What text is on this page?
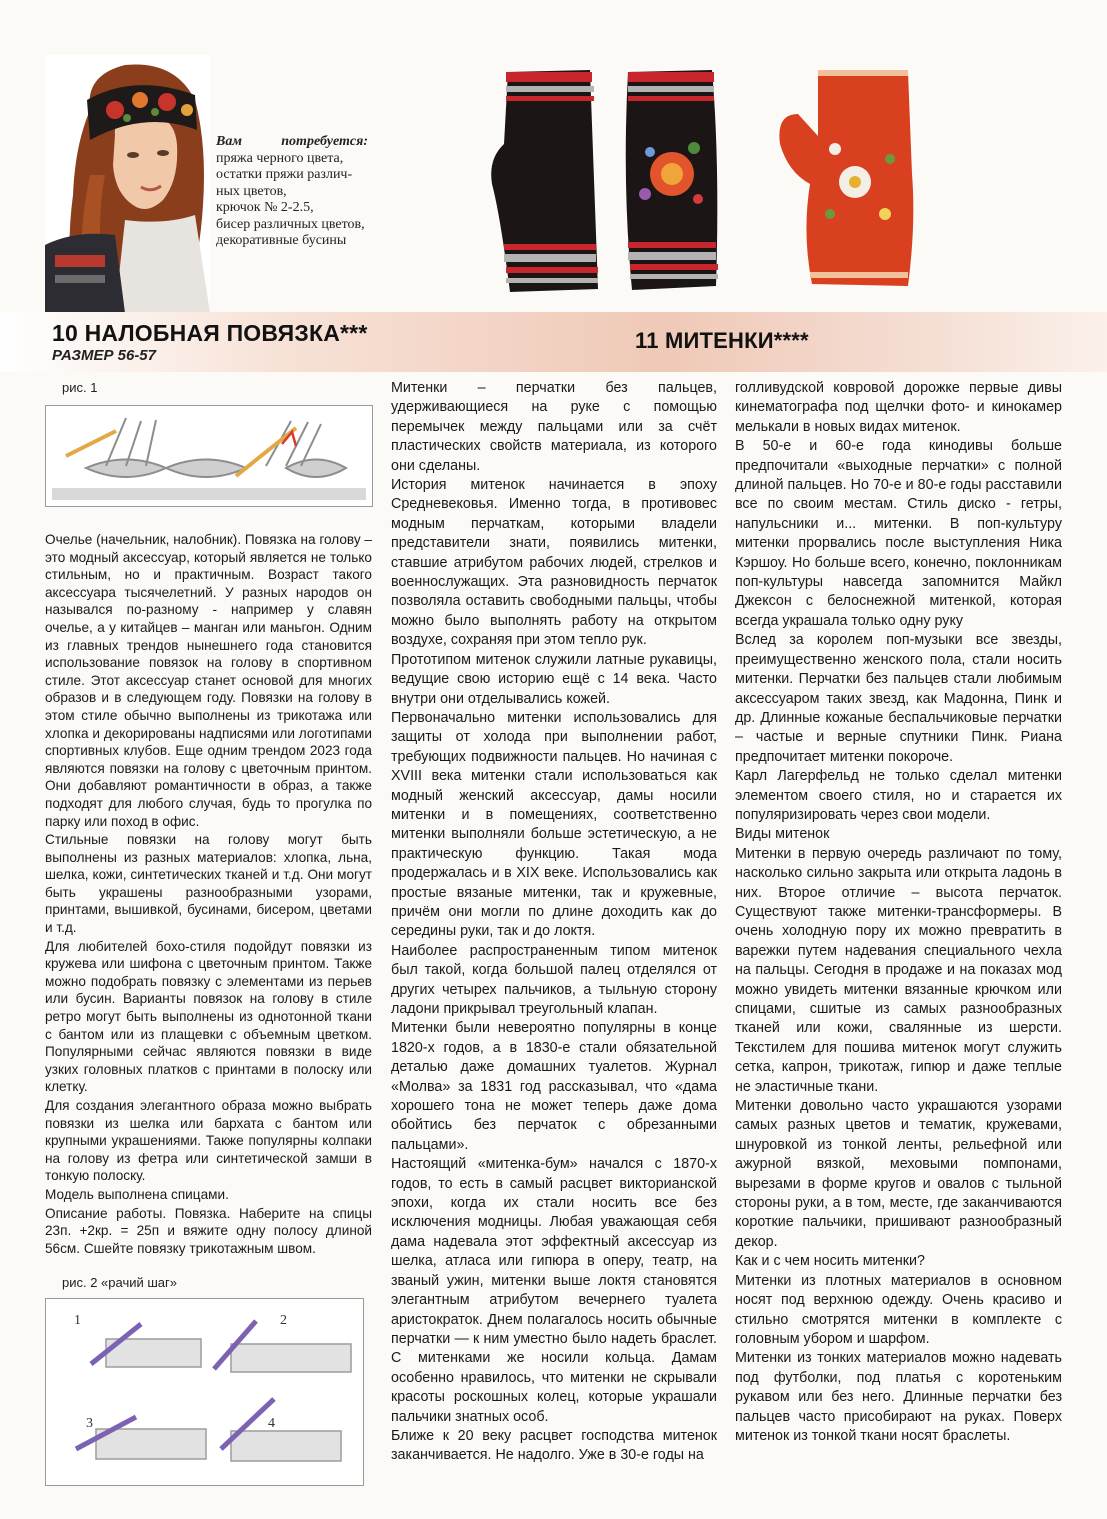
Вам потребуется: пряжа черного цвета,
остатки пряжи различ-
ных цветов,
крючок № 2-2.5,
бисер различных цветов,
декоративные бусины
10 НАЛОБНАЯ ПОВЯЗКА***
РАЗМЕР 56-57
11 МИТЕНКИ****
рис. 1

Очелье (начельник, налобник). Повязка на голову – это модный аксессуар, который является не только стильным, но и практичным. Возраст такого аксессуара тысячелетний. У разных народов он назывался по-разному - например у славян очелье, а у китайцев – манган или маньгон. Одним из главных трендов нынешнего года становится использование повязок на голову в спортивном стиле. Этот аксессуар станет основой для многих образов и в следующем году. Повязки на голову в этом стиле обычно выполнены из трикотажа или хлопка и декорированы надписями или логотипами спортивных клубов. Еще одним трендом 2023 года являются повязки на голову с цветочным принтом. Они добавляют романтичности в образ, а также подходят для любого случая, будь то прогулка по парку или поход в офис.

Стильные повязки на голову могут быть выполнены из разных материалов: хлопка, льна, шелка, кожи, синтетических тканей и т.д. Они могут быть украшены разнообразными узорами, принтами, вышивкой, бусинами, бисером, цветами и т.д.

Для любителей бохо-стиля подойдут повязки из кружева или шифона с цветочным принтом. Также можно подобрать повязку с элементами из перьев или бусин. Варианты повязок на голову в стиле ретро могут быть выполнены из однотонной ткани с бантом или из плащевки с объемным цветком. Популярными сейчас являются повязки в виде узких головных платков с принтами в полоску или клетку.

Для создания элегантного образа можно выбрать повязки из шелка или бархата с бантом или крупными украшениями. Также популярны колпаки на голову из фетра или синтетической замши в тонкую полоску.

Модель выполнена спицами.

Описание работы. Повязка. Наберите на спицы 23п. +2кр. = 25п и вяжите одну полосу длиной 56см. Сшейте повязку трикотажным швом.

рис. 2 «рачий шаг»
1	2
3	4

Митенки – перчатки без пальцев, удерживающиеся на руке с помощью перемычек между пальцами или за счёт пластических свойств материала, из которого они сделаны.

История митенок начинается в эпоху Средневековья. Именно тогда, в противовес модным перчаткам, которыми владели представители знати, появились митенки, ставшие атрибутом рабочих людей, стрелков и военнослужащих. Эта разновидность перчаток позволяла оставить свободными пальцы, чтобы можно было выполнять работу на открытом воздухе, сохраняя при этом тепло рук.

Прототипом митенок служили латные рукавицы, ведущие свою историю ещё с 14 века. Часто внутри они отделывались кожей.

Первоначально митенки использовались для защиты от холода при выполнении работ, требующих подвижности пальцев. Но начиная с XVIII века митенки стали использоваться как модный женский аксессуар, дамы носили митенки и в помещениях, соответственно митенки выполняли больше эстетическую, а не практическую функцию. Такая мода продержалась и в XIX веке. Использовались как простые вязаные митенки, так и кружевные, причём они могли по длине доходить как до середины руки, так и до локтя.

Наиболее распространенным типом митенок был такой, когда большой палец отделялся от других четырех пальчиков, а тыльную сторону ладони прикрывал треугольный клапан.

Митенки были невероятно популярны в конце 1820-х годов, а в 1830-е стали обязательной деталью даже домашних туалетов. Журнал «Молва» за 1831 год рассказывал, что «дама хорошего тона не может теперь даже дома обойтись без перчаток с обрезанными пальцами».

Настоящий «митенка-бум» начался с 1870-х годов, то есть в самый расцвет викторианской эпохи, когда их стали носить все без исключения модницы. Любая уважающая себя дама надевала этот эффектный аксессуар из шелка, атласа или гипюра в оперу, театр, на званый ужин, митенки выше локтя становятся элегантным атрибутом вечернего туалета аристократок. Днем полагалось носить обычные перчатки — к ним уместно было надеть браслет. С митенками же носили кольца. Дамам особенно нравилось, что митенки не скрывали красоты роскошных колец, которые украшали пальчики знатных особ.

Ближе к 20 веку расцвет господства митенок заканчивается. Не надолго. Уже в 30-е годы на

голливудской ковровой дорожке первые дивы кинематографа под щелчки фото- и кинокамер мелькали в новых видах митенок.

В 50-е и 60-е года кинодивы больше предпочитали «выходные перчатки» с полной длиной пальцев. Но 70-е и 80-е годы расставили все по своим местам. Стиль диско - гетры, напульсники и... митенки. В поп-культуру митенки прорвались после выступления Ника Кэршоу. Но больше всего, конечно, поклонникам поп-культуры навсегда запомнится Майкл Джексон с белоснежной митенкой, которая всегда украшала только одну руку

Вслед за королем поп-музыки все звезды, преимущественно женского пола, стали носить митенки. Перчатки без пальцев стали любимым аксессуаром таких звезд, как Мадонна, Пинк и др. Длинные кожаные беспальчиковые перчатки – частые и верные спутники Пинк. Риана предпочитает митенки покороче.

Карл Лагерфельд не только сделал митенки элементом своего стиля, но и старается их популяризировать через свои модели.

Виды митенок

Митенки в первую очередь различают по тому, насколько сильно закрыта или открыта ладонь в них. Второе отличие – высота перчаток. Существуют также митенки-трансформеры. В очень холодную пору их можно превратить в варежки путем надевания специального чехла на пальцы. Сегодня в продаже и на показах мод можно увидеть митенки вязанные крючком или спицами, сшитые из самых разнообразных тканей или кожи, свалянные из шерсти. Текстилем для пошива митенок могут служить сетка, капрон, трикотаж, гипюр и даже теплые не эластичные ткани.

Митенки довольно часто украшаются узорами самых разных цветов и тематик, кружевами, шнуровкой из тонкой ленты, рельефной или ажурной вязкой, меховыми помпонами, вырезами в форме кругов и овалов с тыльной стороны руки, а в том, месте, где заканчиваются короткие пальчики, пришивают разнообразный декор.

Как и с чем носить митенки?

Митенки из плотных материалов в основном носят под верхнюю одежду. Очень красиво и стильно смотрятся митенки в комплекте с головным убором и шарфом.

Митенки из тонких материалов можно надевать под футболки, под платья с коротеньким рукавом или без него. Длинные перчатки без пальцев часто присобирают на руках. Поверх митенок из тонкой ткани носят браслеты.
